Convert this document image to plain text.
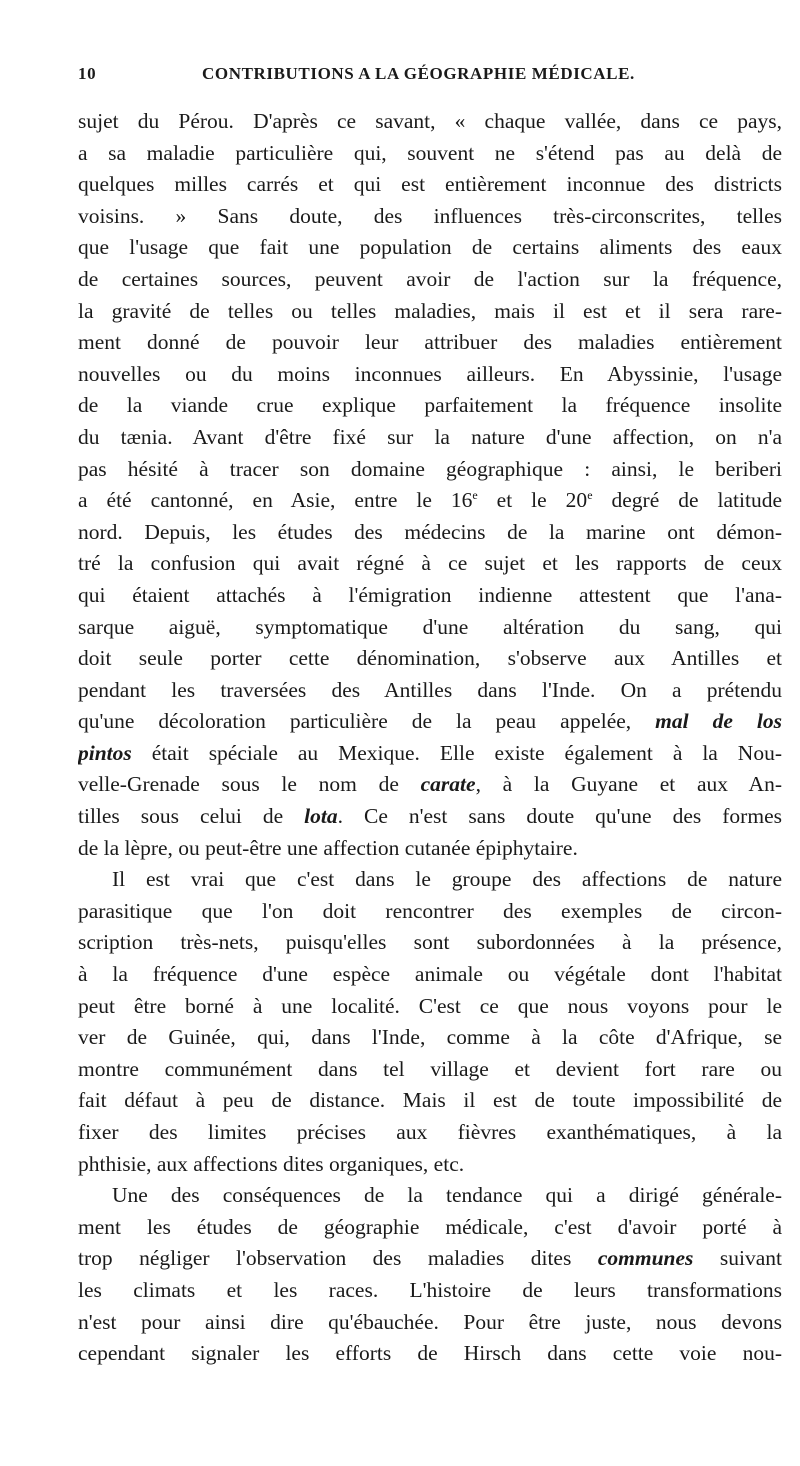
10	CONTRIBUTIONS A LA GÉOGRAPHIE MÉDICALE.
sujet du Pérou. D'après ce savant, « chaque vallée, dans ce pays,
a sa maladie particulière qui, souvent ne s'étend pas au delà de
quelques milles carrés et qui est entièrement inconnue des districts
voisins. » Sans doute, des influences très-circonscrites, telles
que l'usage que fait une population de certains aliments des eaux
de certaines sources, peuvent avoir de l'action sur la fréquence,
la gravité de telles ou telles maladies, mais il est et il sera rare-
ment donné de pouvoir leur attribuer des maladies entièrement
nouvelles ou du moins inconnues ailleurs. En Abyssinie, l'usage
de la viande crue explique parfaitement la fréquence insolite
du tænia. Avant d'être fixé sur la nature d'une affection, on n'a
pas hésité à tracer son domaine géographique : ainsi, le beriberi
a été cantonné, en Asie, entre le 16e et le 20e degré de latitude
nord. Depuis, les études des médecins de la marine ont démon-
tré la confusion qui avait régné à ce sujet et les rapports de ceux
qui étaient attachés à l'émigration indienne attestent que l'ana-
sarque aiguë, symptomatique d'une altération du sang, qui
doit seule porter cette dénomination, s'observe aux Antilles et
pendant les traversées des Antilles dans l'Inde. On a prétendu
qu'une décoloration particulière de la peau appelée, mal de los
pintos était spéciale au Mexique. Elle existe également à la Nou-
velle-Grenade sous le nom de carate, à la Guyane et aux An-
tilles sous celui de lota. Ce n'est sans doute qu'une des formes
de la lèpre, ou peut-être une affection cutanée épiphytaire.
Il est vrai que c'est dans le groupe des affections de nature
parasitique que l'on doit rencontrer des exemples de circon-
scription très-nets, puisqu'elles sont subordonnées à la présence,
à la fréquence d'une espèce animale ou végétale dont l'habitat
peut être borné à une localité. C'est ce que nous voyons pour le
ver de Guinée, qui, dans l'Inde, comme à la côte d'Afrique, se
montre communément dans tel village et devient fort rare ou
fait défaut à peu de distance. Mais il est de toute impossibilité de
fixer des limites précises aux fièvres exanthématiques, à la
phthisie, aux affections dites organiques, etc.
Une des conséquences de la tendance qui a dirigé générale-
ment les études de géographie médicale, c'est d'avoir porté à
trop négliger l'observation des maladies dites communes suivant
les climats et les races. L'histoire de leurs transformations
n'est pour ainsi dire qu'ébauchée. Pour être juste, nous devons
cependant signaler les efforts de Hirsch dans cette voie nou-
